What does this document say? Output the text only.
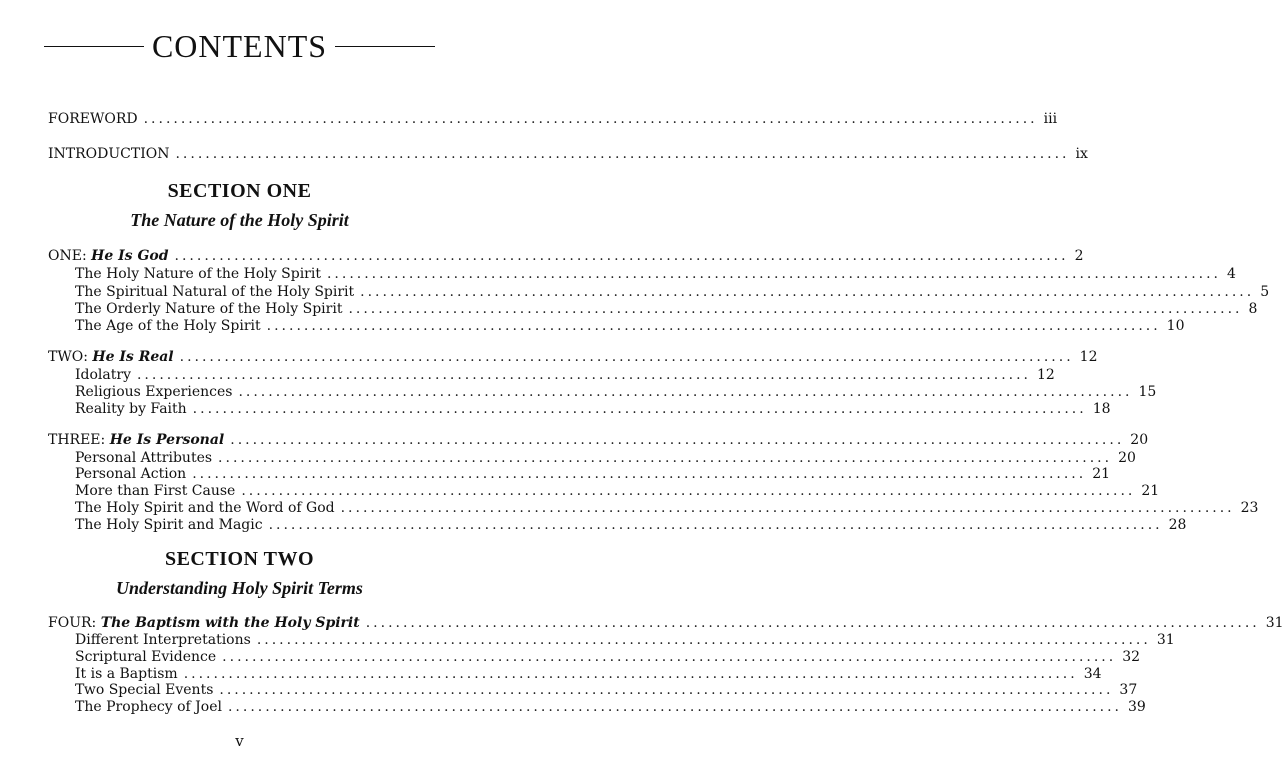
CONTENTS
FOREWORD ........................................................................................................................ iii
INTRODUCTION ........................................................................................................................ ix
SECTION ONE
The Nature of the Holy Spirit
ONE: He Is God ........................................................................................................................ 2
The Holy Nature of the Holy Spirit ........................................................................................................................ 4
The Spiritual Natural of the Holy Spirit ........................................................................................................................ 5
The Orderly Nature of the Holy Spirit ........................................................................................................................ 8
The Age of the Holy Spirit ........................................................................................................................ 10
TWO: He Is Real ........................................................................................................................ 12
Idolatry ........................................................................................................................ 12
Religious Experiences ........................................................................................................................ 15
Reality by Faith ........................................................................................................................ 18
THREE: He Is Personal ........................................................................................................................ 20
Personal Attributes ........................................................................................................................ 20
Personal Action ........................................................................................................................ 21
More than First Cause ........................................................................................................................ 21
The Holy Spirit and the Word of God ........................................................................................................................ 23
The Holy Spirit and Magic ........................................................................................................................ 28
SECTION TWO
Understanding Holy Spirit Terms
FOUR: The Baptism with the Holy Spirit ........................................................................................................................ 31
Different Interpretations ........................................................................................................................ 31
Scriptural Evidence ........................................................................................................................ 32
It is a Baptism ........................................................................................................................ 34
Two Special Events ........................................................................................................................ 37
The Prophecy of Joel ........................................................................................................................ 39
v
